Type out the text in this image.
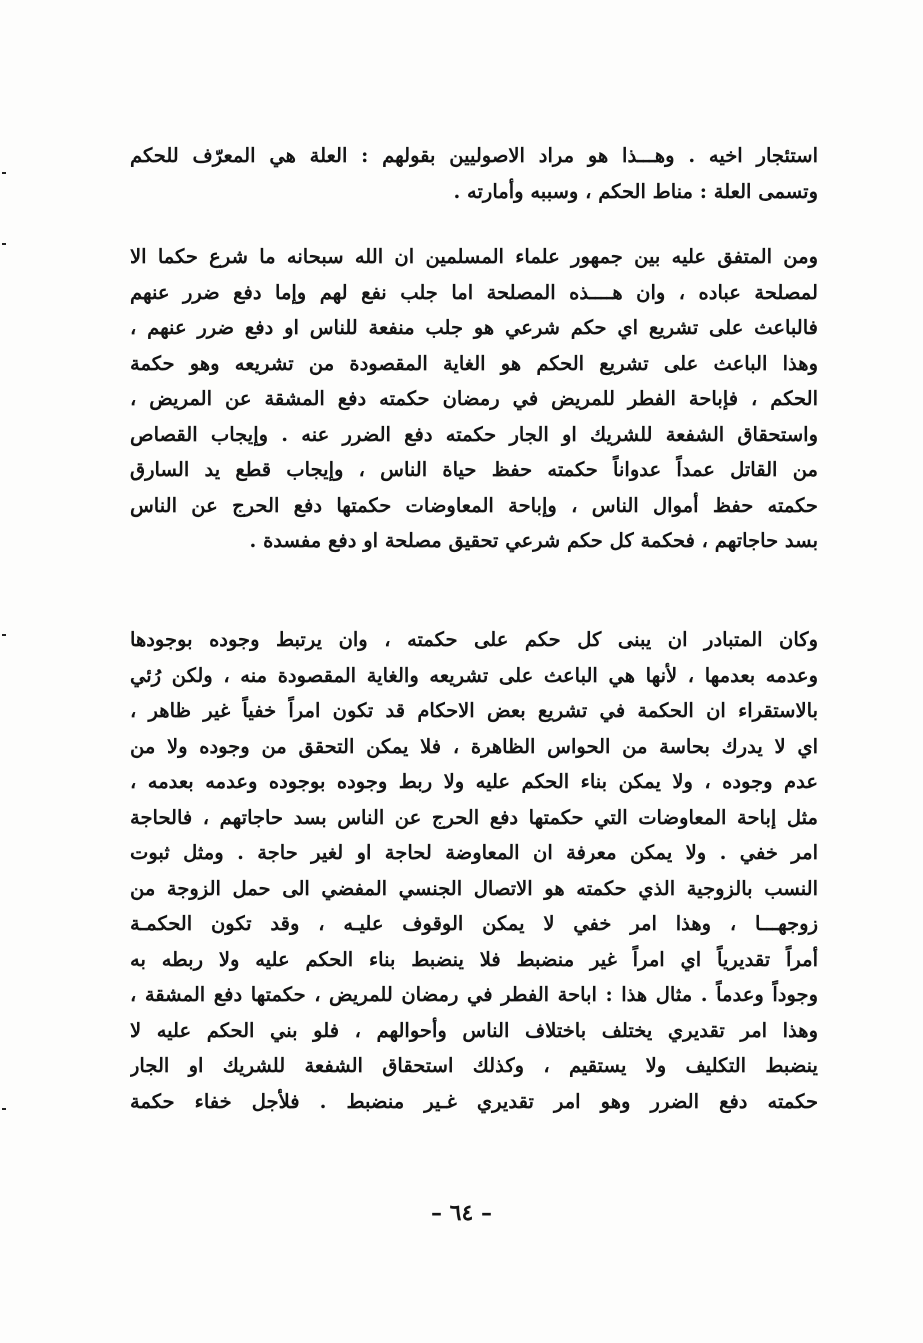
استئجار اخيه . وهـــذا هو مراد الاصوليين بقولهم : العلة هي المعرّف للحكم
وتسمى العلة : مناط الحكم ، وسببه وأمارته .
ومن المتفق عليه بين جمهور علماء المسلمين ان الله سبحانه ما شرع حكما الا
لمصلحة عباده ، وان هــــذه المصلحة اما جلب نفع لهم وإما دفع ضرر عنهم
فالباعث على تشريع اي حكم شرعي هو جلب منفعة للناس او دفع ضرر عنهم ،
وهذا الباعث على تشريع الحكم هو الغاية المقصودة من تشريعه وهو حكمة
الحكم ، فإباحة الفطر للمريض في رمضان حكمته دفع المشقة عن المريض ،
واستحقاق الشفعة للشريك او الجار حكمته دفع الضرر عنه . وإيجاب القصاص
من القاتل عمداً عدواناً حكمته حفظ حياة الناس ، وإيجاب قطع يد السارق
حكمته حفظ أموال الناس ، وإباحة المعاوضات حكمتها دفع الحرج عن الناس
بسد حاجاتهم ، فحكمة كل حكم شرعي تحقيق مصلحة او دفع مفسدة .
وكان المتبادر ان يبنى كل حكم على حكمته ، وان يرتبط وجوده بوجودها
وعدمه بعدمها ، لأنها هي الباعث على تشريعه والغاية المقصودة منه ، ولكن رُئي
بالاستقراء ان الحكمة في تشريع بعض الاحكام قد تكون امراً خفياً غير ظاهر ،
اي لا يدرك بحاسة من الحواس الظاهرة ، فلا يمكن التحقق من وجوده ولا من
عدم وجوده ، ولا يمكن بناء الحكم عليه ولا ربط وجوده بوجوده وعدمه بعدمه ،
مثل إباحة المعاوضات التي حكمتها دفع الحرج عن الناس بسد حاجاتهم ، فالحاجة
امر خفي . ولا يمكن معرفة ان المعاوضة لحاجة او لغير حاجة . ومثل ثبوت
النسب بالزوجية الذي حكمته هو الاتصال الجنسي المفضي الى حمل الزوجة من
زوجهـــا ، وهذا امر خفي لا يمكن الوقوف عليـه ، وقد تكون الحكمـة
أمراً تقديرياً اي امراً غير منضبط فلا ينضبط بناء الحكم عليه ولا ربطه به
وجوداً وعدماً . مثال هذا : اباحة الفطر في رمضان للمريض ، حكمتها دفع المشقة ،
وهذا امر تقديري يختلف باختلاف الناس وأحوالهم ، فلو بني الحكم عليه لا
ينضبط التكليف ولا يستقيم ، وكذلك استحقاق الشفعة للشريك او الجار
حكمته دفع الضرر وهو امر تقديري غـير منضبط . فلأجل خفاء حكمة
– ٦٤ –
